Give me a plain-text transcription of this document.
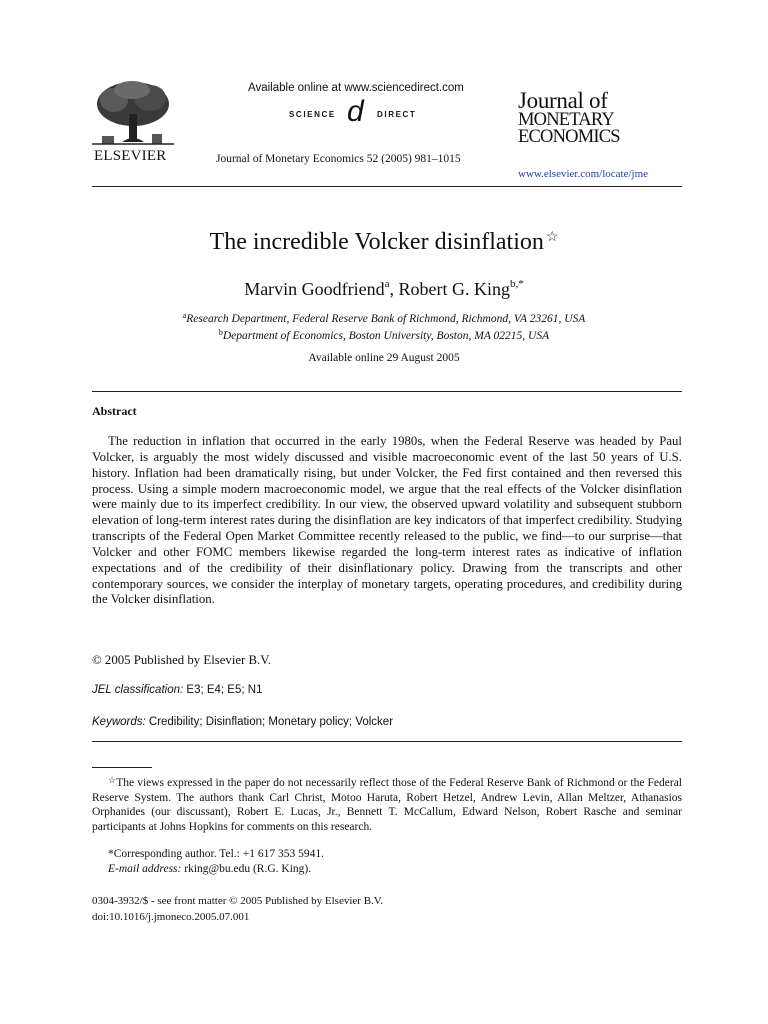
ELSEVIER
Available online at www.sciencedirect.com
SCIENCE d DIRECT
Journal of Monetary Economics 52 (2005) 981–1015
Journal of
MONETARY
ECONOMICS
www.elsevier.com/locate/jme
The incredible Volcker disinflation ☆
Marvin Goodfriend$^a$, Robert G. King$^{b,*}$
$^a$Research Department, Federal Reserve Bank of Richmond, Richmond, VA 23261, USA
$^b$Department of Economics, Boston University, Boston, MA 02215, USA
Available online 29 August 2005
Abstract
The reduction in inflation that occurred in the early 1980s, when the Federal Reserve was headed by Paul Volcker, is arguably the most widely discussed and visible macroeconomic event of the last 50 years of U.S. history. Inflation had been dramatically rising, but under Volcker, the Fed first contained and then reversed this process. Using a simple modern macroeconomic model, we argue that the real effects of the Volcker disinflation were mainly due to its imperfect credibility. In our view, the observed upward volatility and subsequent stubborn elevation of long-term interest rates during the disinflation are key indicators of that imperfect credibility. Studying transcripts of the Federal Open Market Committee recently released to the public, we find—to our surprise—that Volcker and other FOMC members likewise regarded the long-term interest rates as indicative of inflation expectations and of the credibility of their disinflationary policy. Drawing from the transcripts and other contemporary sources, we consider the interplay of monetary targets, operating procedures, and credibility during the Volcker disinflation.
© 2005 Published by Elsevier B.V.
JEL classification: E3; E4; E5; N1
Keywords: Credibility; Disinflation; Monetary policy; Volcker
☆The views expressed in the paper do not necessarily reflect those of the Federal Reserve Bank of Richmond or the Federal Reserve System. The authors thank Carl Christ, Motoo Haruta, Robert Hetzel, Andrew Levin, Allan Meltzer, Athanasios Orphanides (our discussant), Robert E. Lucas, Jr., Bennett T. McCallum, Edward Nelson, Robert Rasche and seminar participants at Johns Hopkins for comments on this research.
*Corresponding author. Tel.: +1 617 353 5941.
E-mail address: rking@bu.edu (R.G. King).
0304-3932/$ - see front matter © 2005 Published by Elsevier B.V.
doi:10.1016/j.jmoneco.2005.07.001
